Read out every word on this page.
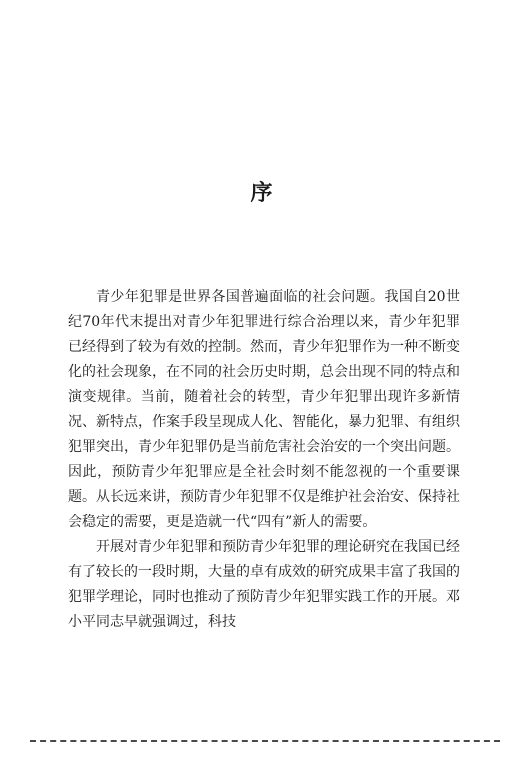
序

青少年犯罪是世界各国普遍面临的社会问题。我国自20世纪70年代末提出对青少年犯罪进行综合治理以来，青少年犯罪已经得到了较为有效的控制。然而，青少年犯罪作为一种不断变化的社会现象，在不同的社会历史时期，总会出现不同的特点和演变规律。当前，随着社会的转型，青少年犯罪出现许多新情况、新特点，作案手段呈现成人化、智能化，暴力犯罪、有组织犯罪突出，青少年犯罪仍是当前危害社会治安的一个突出问题。因此，预防青少年犯罪应是全社会时刻不能忽视的一个重要课题。从长远来讲，预防青少年犯罪不仅是维护社会治安、保持社会稳定的需要，更是造就一代“四有”新人的需要。

开展对青少年犯罪和预防青少年犯罪的理论研究在我国已经有了较长的一段时期，大量的卓有成效的研究成果丰富了我国的犯罪学理论，同时也推动了预防青少年犯罪实践工作的开展。邓小平同志早就强调过，科技
